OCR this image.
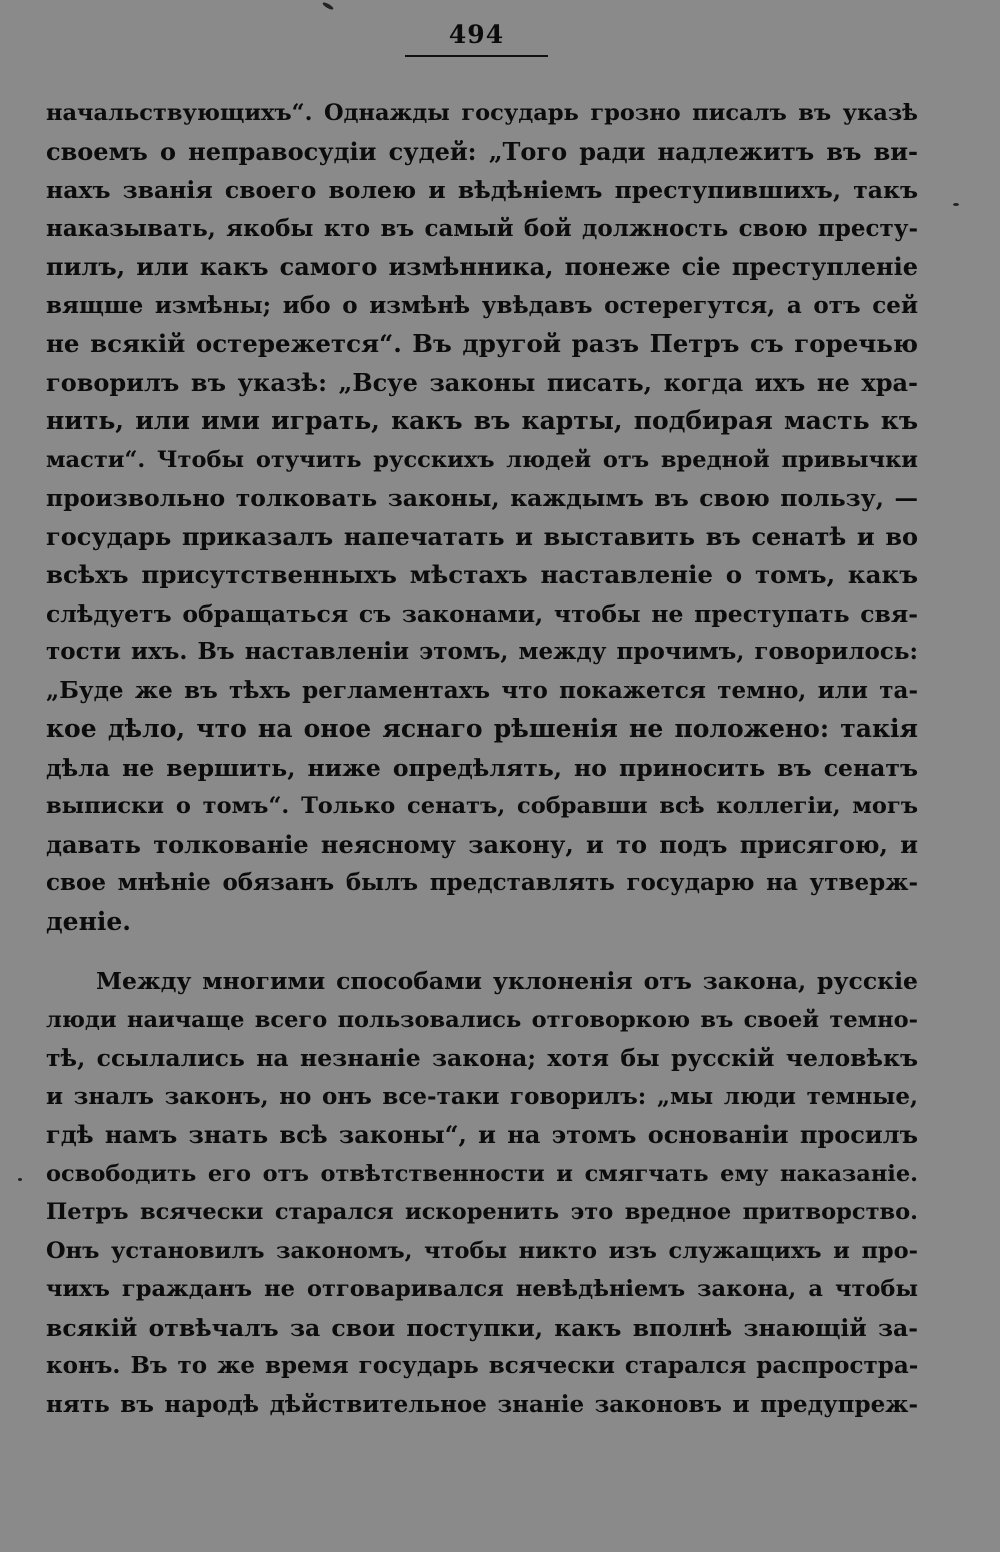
494
начальствующихъ“. Однажды государь грозно писалъ въ указѣ
своемъ о неправосудіи судей: „Того ради надлежитъ въ ви-
нахъ званія своего волею и вѣдѣніемъ преступившихъ, такъ
наказывать, якобы кто въ самый бой должность свою престу-
пилъ, или какъ самого измѣнника, понеже сіе преступленіе
вящше измѣны; ибо о измѣнѣ увѣдавъ остерегутся, а отъ сей
не всякій остережется“. Въ другой разъ Петръ съ горечью
говорилъ въ указѣ: „Всуе законы писать, когда ихъ не хра-
нить, или ими играть, какъ въ карты, подбирая масть къ
масти“. Чтобы отучить русскихъ людей отъ вредной привычки
произвольно толковать законы, каждымъ въ свою пользу, —
государь приказалъ напечатать и выставить въ сенатѣ и во
всѣхъ присутственныхъ мѣстахъ наставленіе о томъ, какъ
слѣдуетъ обращаться съ законами, чтобы не преступать свя-
тости ихъ. Въ наставленіи этомъ, между прочимъ, говорилось:
„Буде же въ тѣхъ регламентахъ что покажется темно, или та-
кое дѣло, что на оное яснаго рѣшенія не положено: такія
дѣла не вершить, ниже опредѣлять, но приносить въ сенатъ
выписки о томъ“. Только сенатъ, собравши всѣ коллегіи, могъ
давать толкованіе неясному закону, и то подъ присягою, и
свое мнѣніе обязанъ былъ представлять государю на утверж-
деніе.
Между многими способами уклоненія отъ закона, русскіе
люди наичаще всего пользовались отговоркою въ своей темно-
тѣ, ссылались на незнаніе закона; хотя бы русскій человѣкъ
и зналъ законъ, но онъ все-таки говорилъ: „мы люди темные,
гдѣ намъ знать всѣ законы“, и на этомъ основаніи просилъ
освободить его отъ отвѣтственности и смягчать ему наказаніе.
Петръ всячески старался искоренить это вредное притворство.
Онъ установилъ закономъ, чтобы никто изъ служащихъ и про-
чихъ гражданъ не отговаривался невѣдѣніемъ закона, а чтобы
всякій отвѣчалъ за свои поступки, какъ вполнѣ знающій за-
конъ. Въ то же время государь всячески старался распростра-
нять въ народѣ дѣйствительное знаніе законовъ и предупреж-
